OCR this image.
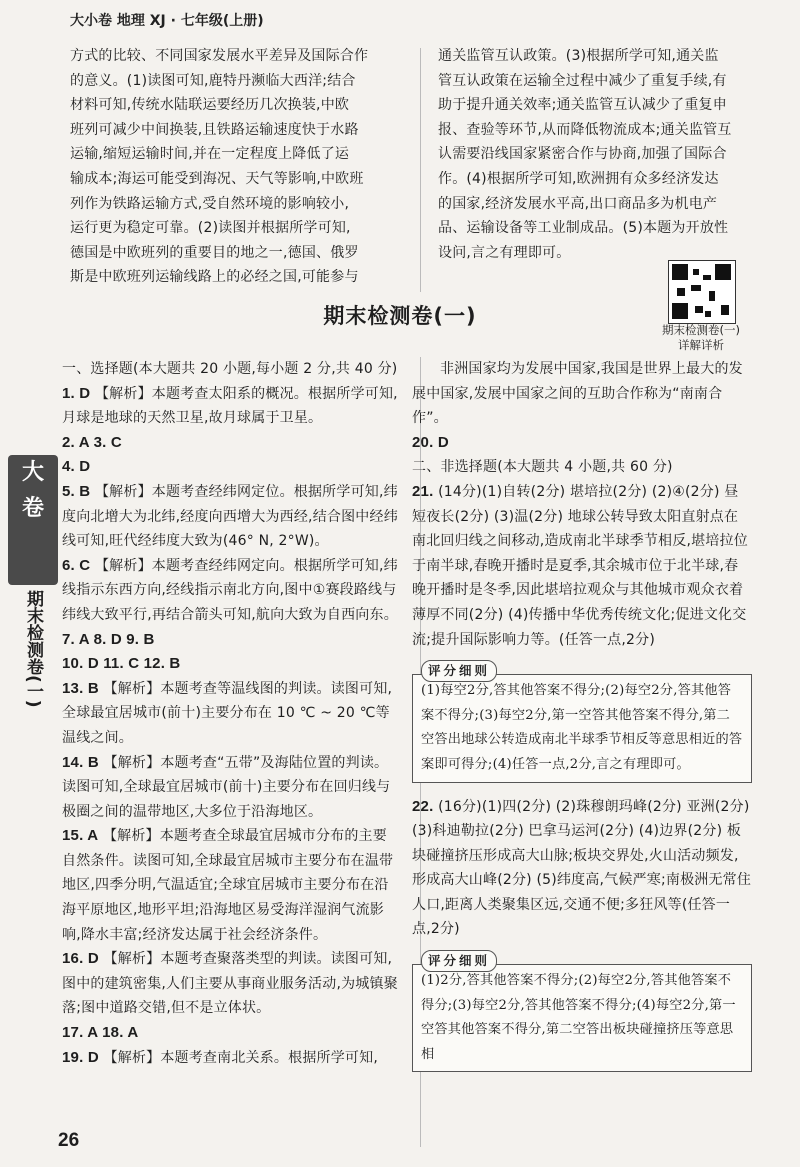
大小卷 地理 XJ · 七年级(上册)

方式的比较、不同国家发展水平差异及国际合作

的意义。(1)读图可知,鹿特丹濒临大西洋;结合

材料可知,传统水陆联运要经历几次换装,中欧

班列可减少中间换装,且铁路运输速度快于水路

运输,缩短运输时间,并在一定程度上降低了运

输成本;海运可能受到海况、天气等影响,中欧班

列作为铁路运输方式,受自然环境的影响较小,

运行更为稳定可靠。(2)读图并根据所学可知,

德国是中欧班列的重要目的地之一,德国、俄罗

斯是中欧班列运输线路上的必经之国,可能参与

通关监管互认政策。(3)根据所学可知,通关监

管互认政策在运输全过程中减少了重复手续,有

助于提升通关效率;通关监管互认减少了重复申

报、查验等环节,从而降低物流成本;通关监管互

认需要沿线国家紧密合作与协商,加强了国际合

作。(4)根据所学可知,欧洲拥有众多经济发达

的国家,经济发展水平高,出口商品多为机电产

品、运输设备等工业制成品。(5)本题为开放性

设问,言之有理即可。

期末检测卷(一)
详解详析
期末检测卷(一)
大
卷
期末检测卷(一)

一、选择题(本大题共 20 小题,每小题 2 分,共 40 分)

1. D 【解析】本题考查太阳系的概况。根据所学可知,月球是地球的天然卫星,故月球属于卫星。

2. A 3. C

4. D

5. B 【解析】本题考查经纬网定位。根据所学可知,纬度向北增大为北纬,经度向西增大为西经,结合图中经纬线可知,旺代经纬度大致为(46° N, 2°W)。

6. C 【解析】本题考查经纬网定向。根据所学可知,纬线指示东西方向,经线指示南北方向,图中①赛段路线与纬线大致平行,再结合箭头可知,航向大致为自西向东。

7. A 8. D 9. B

10. D 11. C 12. B

13. B 【解析】本题考查等温线图的判读。读图可知,全球最宜居城市(前十)主要分布在 10 ℃ ~ 20 ℃等温线之间。

14. B 【解析】本题考查“五带”及海陆位置的判读。读图可知,全球最宜居城市(前十)主要分布在回归线与极圈之间的温带地区,大多位于沿海地区。

15. A 【解析】本题考查全球最宜居城市分布的主要自然条件。读图可知,全球最宜居城市主要分布在温带地区,四季分明,气温适宜;全球宜居城市主要分布在沿海平原地区,地形平坦;沿海地区易受海洋湿润气流影响,降水丰富;经济发达属于社会经济条件。

16. D 【解析】本题考查聚落类型的判读。读图可知,图中的建筑密集,人们主要从事商业服务活动,为城镇聚落;图中道路交错,但不是立体状。

17. A 18. A

19. D 【解析】本题考查南北关系。根据所学可知,

非洲国家均为发展中国家,我国是世界上最大的发展中国家,发展中国家之间的互助合作称为“南南合作”。

20. D

二、非选择题(本大题共 4 小题,共 60 分)

21. (14分)(1)自转(2分) 堪培拉(2分) (2)④(2分) 昼短夜长(2分) (3)温(2分) 地球公转导致太阳直射点在南北回归线之间移动,造成南北半球季节相反,堪培拉位于南半球,春晚开播时是夏季,其余城市位于北半球,春晚开播时是冬季,因此堪培拉观众与其他城市观众衣着薄厚不同(2分) (4)传播中华优秀传统文化;促进文化交流;提升国际影响力等。(任答一点,2分)

评分细则
(1)每空2分,答其他答案不得分;(2)每空2分,答其他答案不得分;(3)每空2分,第一空答其他答案不得分,第二空答出地球公转造成南北半球季节相反等意思相近的答案即可得分;(4)任答一点,2分,言之有理即可。

22. (16分)(1)四(2分) (2)珠穆朗玛峰(2分) 亚洲(2分) (3)科迪勒拉(2分) 巴拿马运河(2分) (4)边界(2分) 板块碰撞挤压形成高大山脉;板块交界处,火山活动频发,形成高大山峰(2分) (5)纬度高,气候严寒;南极洲无常住人口,距离人类聚集区远,交通不便;多狂风等(任答一点,2分)

评分细则
(1)2分,答其他答案不得分;(2)每空2分,答其他答案不得分;(3)每空2分,答其他答案不得分;(4)每空2分,第一空答其他答案不得分,第二空答出板块碰撞挤压等意思相
26
